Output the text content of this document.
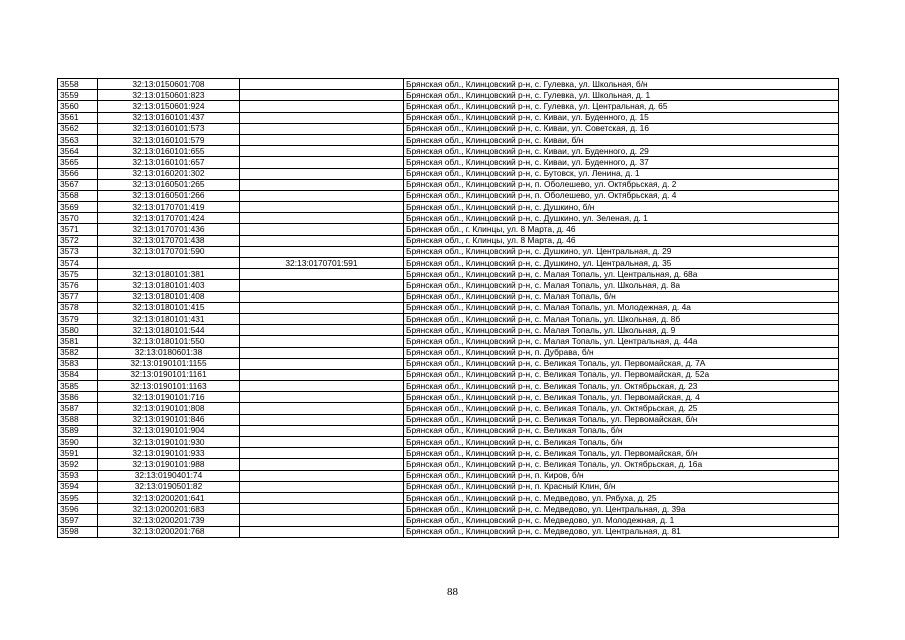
3558	32:13:0150601:708		Брянская обл., Клинцовский р-н, с. Гулевка, ул. Школьная, б/н
3559	32:13:0150601:823		Брянская обл., Клинцовский р-н, с. Гулевка, ул. Школьная, д. 1
3560	32:13:0150601:924		Брянская обл., Клинцовский р-н, с. Гулевка, ул. Центральная, д. 65
3561	32:13:0160101:437		Брянская обл., Клинцовский р-н, с. Киваи, ул. Буденного, д. 15
3562	32:13:0160101:573		Брянская обл., Клинцовский р-н, с. Киваи, ул. Советская, д. 16
3563	32:13:0160101:579		Брянская обл., Клинцовский р-н, с. Киваи, б/н
3564	32:13:0160101:655		Брянская обл., Клинцовский р-н, с. Киваи, ул. Буденного, д. 29
3565	32:13:0160101:657		Брянская обл., Клинцовский р-н, с. Киваи, ул. Буденного, д. 37
3566	32:13:0160201:302		Брянская обл., Клинцовский р-н, с. Бутовск, ул. Ленина, д. 1
3567	32:13:0160501:265		Брянская обл., Клинцовский р-н, п. Оболешево, ул. Октябрьская, д. 2
3568	32:13:0160501:266		Брянская обл., Клинцовский р-н, п. Оболешево, ул. Октябрьская, д. 4
3569	32:13:0170701:419		Брянская обл., Клинцовский р-н, с. Душкино, б/н
3570	32:13:0170701:424		Брянская обл., Клинцовский р-н, с. Душкино, ул. Зеленая, д. 1
3571	32:13:0170701:436		Брянская обл., г. Клинцы, ул. 8 Марта, д. 46
3572	32:13:0170701:438		Брянская обл., г. Клинцы, ул. 8 Марта, д. 46
3573	32:13:0170701:590		Брянская обл., Клинцовский р-н, с. Душкино, ул. Центральная, д. 29
3574		32:13:0170701:591	Брянская обл., Клинцовский р-н, с. Душкино, ул. Центральная, д. 35
3575	32:13:0180101:381		Брянская обл., Клинцовский р-н, с. Малая Топаль, ул. Центральная, д. 68а
3576	32:13:0180101:403		Брянская обл., Клинцовский р-н, с. Малая Топаль, ул. Школьная, д. 8а
3577	32:13:0180101:408		Брянская обл., Клинцовский р-н, с. Малая Топаль, б/н
3578	32:13:0180101:415		Брянская обл., Клинцовский р-н, с. Малая Топаль, ул. Молодежная, д. 4а
3579	32:13:0180101:431		Брянская обл., Клинцовский р-н, с. Малая Топаль, ул. Школьная, д. 8б
3580	32:13:0180101:544		Брянская обл., Клинцовский р-н, с. Малая Топаль, ул. Школьная, д. 9
3581	32:13:0180101:550		Брянская обл., Клинцовский р-н, с. Малая Топаль, ул. Центральная, д. 44а
3582	32:13:0180601:38		Брянская обл., Клинцовский р-н, п. Дубрава, б/н
3583	32:13:0190101:1155		Брянская обл., Клинцовский р-н, с. Великая Топаль, ул. Первомайская, д. 7А
3584	32:13:0190101:1161		Брянская обл., Клинцовский р-н, с. Великая Топаль, ул. Первомайская, д. 52а
3585	32:13:0190101:1163		Брянская обл., Клинцовский р-н, с. Великая Топаль, ул. Октябрьская, д. 23
3586	32:13:0190101:716		Брянская обл., Клинцовский р-н, с. Великая Топаль, ул. Первомайская, д. 4
3587	32:13:0190101:808		Брянская обл., Клинцовский р-н, с. Великая Топаль, ул. Октябрьская, д. 25
3588	32:13:0190101:846		Брянская обл., Клинцовский р-н, с. Великая Топаль, ул. Первомайская, б/н
3589	32:13:0190101:904		Брянская обл., Клинцовский р-н, с. Великая Топаль, б/н
3590	32:13:0190101:930		Брянская обл., Клинцовский р-н, с. Великая Топаль, б/н
3591	32:13:0190101:933		Брянская обл., Клинцовский р-н, с. Великая Топаль, ул. Первомайская, б/н
3592	32:13:0190101:988		Брянская обл., Клинцовский р-н, с. Великая Топаль, ул. Октябрьская, д. 16а
3593	32:13:0190401:74		Брянская обл., Клинцовский р-н, п. Киров, б/н
3594	32:13:0190501:82		Брянская обл., Клинцовский р-н, п. Красный Клин, б/н
3595	32:13:0200201:641		Брянская обл., Клинцовский р-н, с. Медведово, ул. Рябуха, д. 25
3596	32:13:0200201:683		Брянская обл., Клинцовский р-н, с. Медведово, ул. Центральная, д. 39а
3597	32:13:0200201:739		Брянская обл., Клинцовский р-н, с. Медведово, ул. Молодежная, д. 1
3598	32:13:0200201:768		Брянская обл., Клинцовский р-н, с. Медведово, ул. Центральная, д. 81
88
